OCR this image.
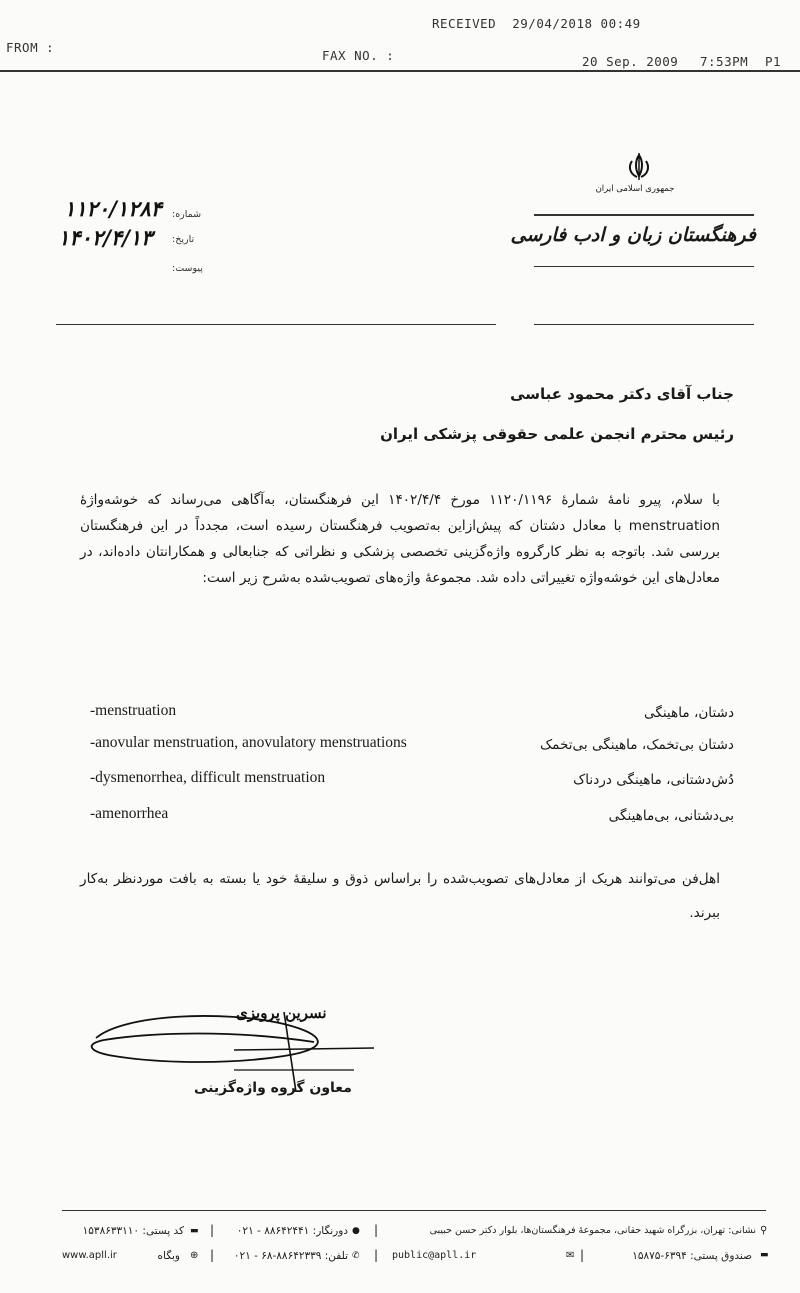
RECEIVED  29/04/2018 00:49
FROM :
FAX NO. :	20 Sep. 2009 7:53PM P1
جمهوری اسلامی ایران
فرهنگستان زبان و ادب فارسی
شماره:
۱۱۲۰/۱۲۸۴
تاریخ:
۱۴۰۲/۴/۱۳
پیوست:
جناب آقای دکتر محمود عباسی
رئیس محترم انجمن علمی حقوقی پزشکی ایران
با سلام، پیرو نامهٔ شمارهٔ ۱۱۲۰/۱۱۹۶ مورخ ۱۴۰۲/۴/۴ این فرهنگستان، به‌آگاهی می‌رساند که خوشه‌واژهٔ menstruation با معادل دشتان که پیش‌ازاین به‌تصویب فرهنگستان رسیده است، مجدداً در این فرهنگستان بررسی شد. باتوجه به نظر کارگروه واژه‌گزینی تخصصی پزشکی و نظراتی که جنابعالی و همکارانتان داده‌اند، در معادل‌های این خوشه‌واژه تغییراتی داده شد. مجموعهٔ واژه‌های تصویب‌شده به‌شرح زیر است:
-menstruation	دشتان، ماهینگی
-anovular menstruation, anovulatory menstruations	دشتان بی‌تخمک، ماهینگی بی‌تخمک
-dysmenorrhea, difficult menstruation	دُش‌دشتانی، ماهینگی دردناک
-amenorrhea	بی‌دشتانی، بی‌ماهینگی
اهل‌فن می‌توانند هریک از معادل‌های تصویب‌شده را براساس ذوق و سلیقهٔ خود یا بسته به بافت موردنظر به‌کار ببرند.
نسرین پرویزی
معاون گروه واژه‌گزینی
⚲
نشانی: تهران، بزرگراه شهید حقانی، مجموعهٔ فرهنگستان‌ها، بلوار دکتر حسن حبیبی
|
●
دورنگار: ۸۸۶۴۲۴۴۱ - ۰۲۱
|
▬
کد پستی: ۱۵۳۸۶۳۳۱۱۰
▬
صندوق پستی: ۶۳۹۴-۱۵۸۷۵
|
✉
public@apll.ir
|
✆
تلفن: ۸۸۶۴۲۳۳۹-۶۸ - ۰۲۱
|
⊕
وبگاه
www.apll.ir
